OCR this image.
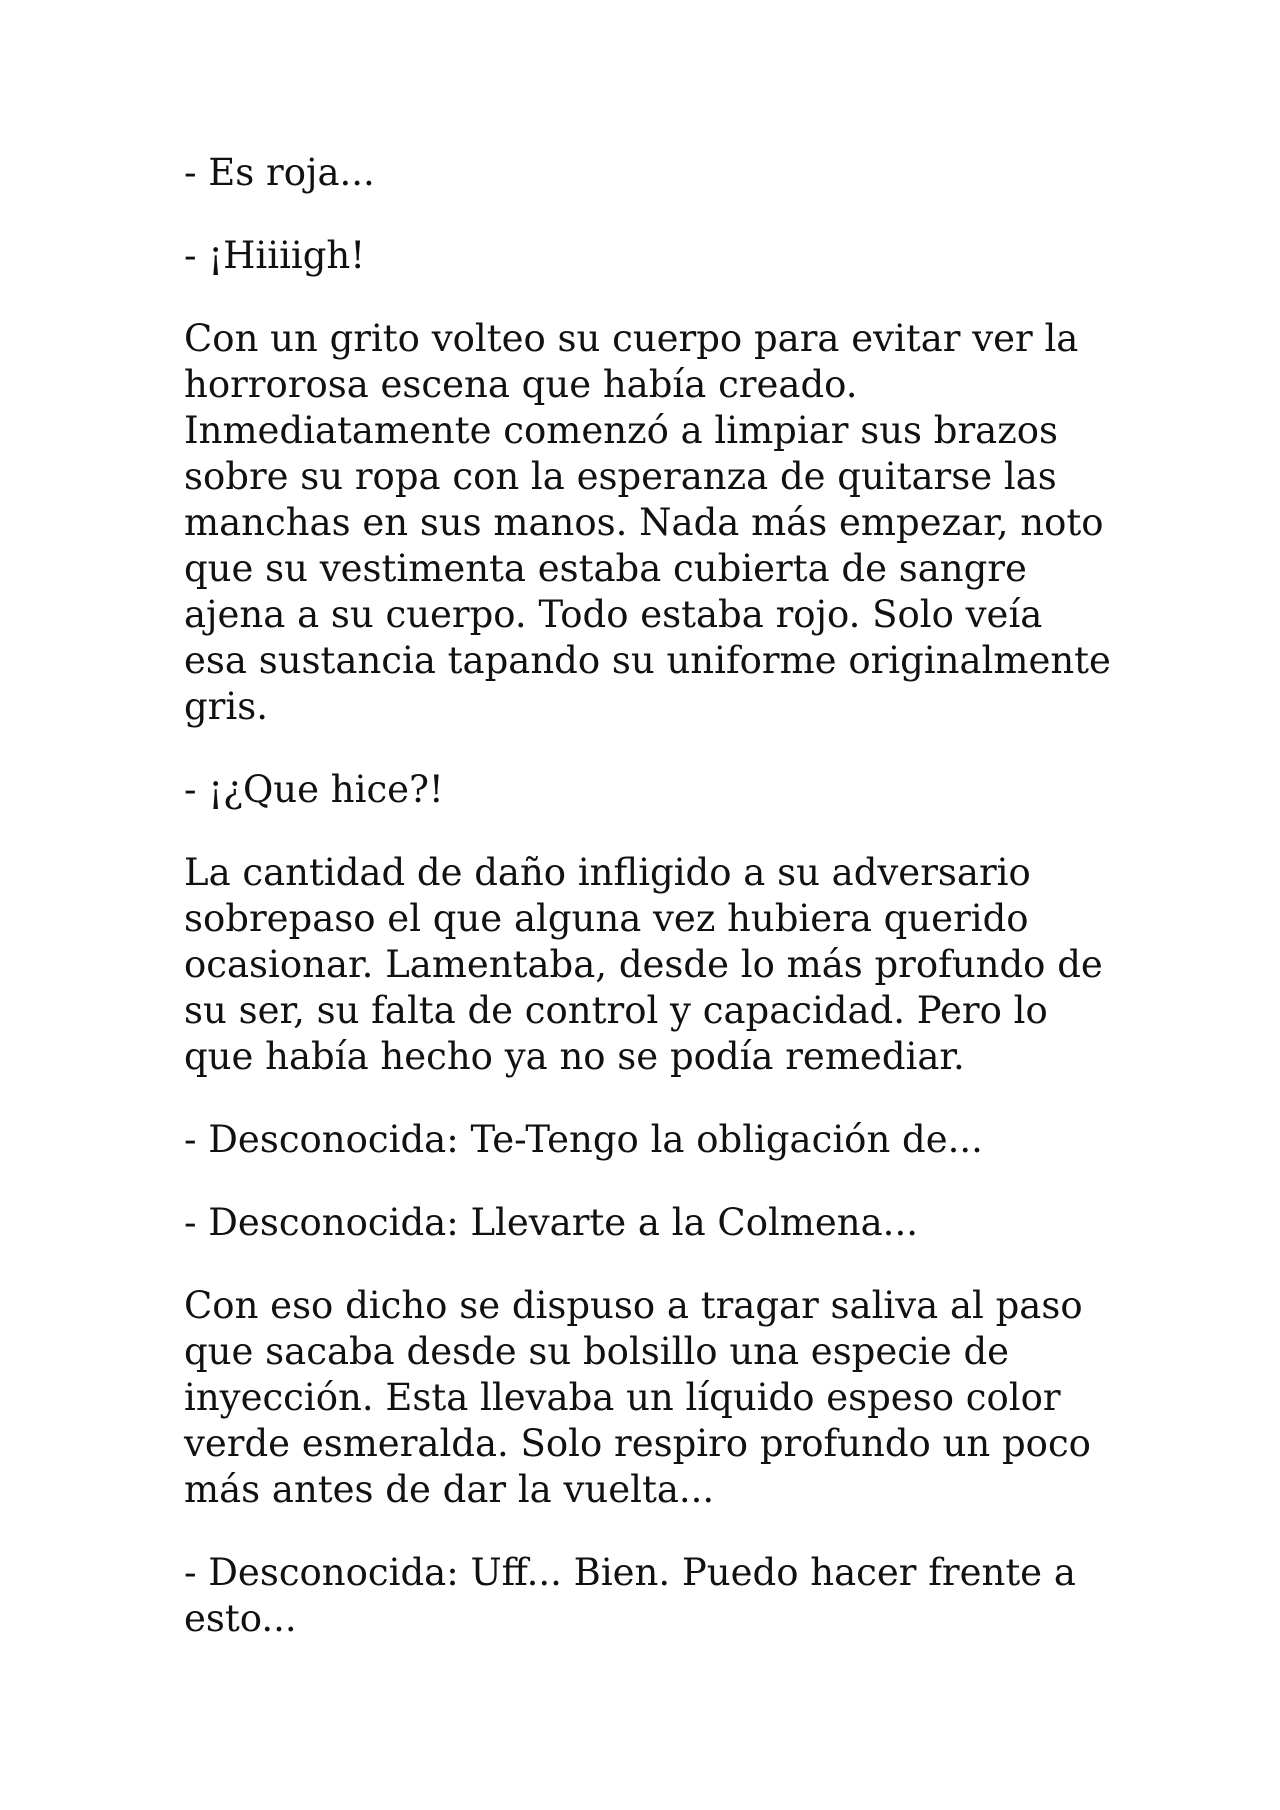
- Es roja...

- ¡Hiiiigh!

Con un grito volteo su cuerpo para evitar ver la horrorosa escena que había creado. Inmediatamente comenzó a limpiar sus brazos sobre su ropa con la esperanza de quitarse las manchas en sus manos. Nada más empezar, noto que su vestimenta estaba cubierta de sangre ajena a su cuerpo. Todo estaba rojo. Solo veía esa sustancia tapando su uniforme originalmente gris.

- ¡¿Que hice?!

La cantidad de daño infligido a su adversario sobrepaso el que alguna vez hubiera querido ocasionar. Lamentaba, desde lo más profundo de su ser, su falta de control y capacidad. Pero lo que había hecho ya no se podía remediar.

- Desconocida: Te-Tengo la obligación de...

- Desconocida: Llevarte a la Colmena...

Con eso dicho se dispuso a tragar saliva al paso que sacaba desde su bolsillo una especie de inyección. Esta llevaba un líquido espeso color verde esmeralda. Solo respiro profundo un poco más antes de dar la vuelta...

- Desconocida: Uff... Bien. Puedo hacer frente a esto...
